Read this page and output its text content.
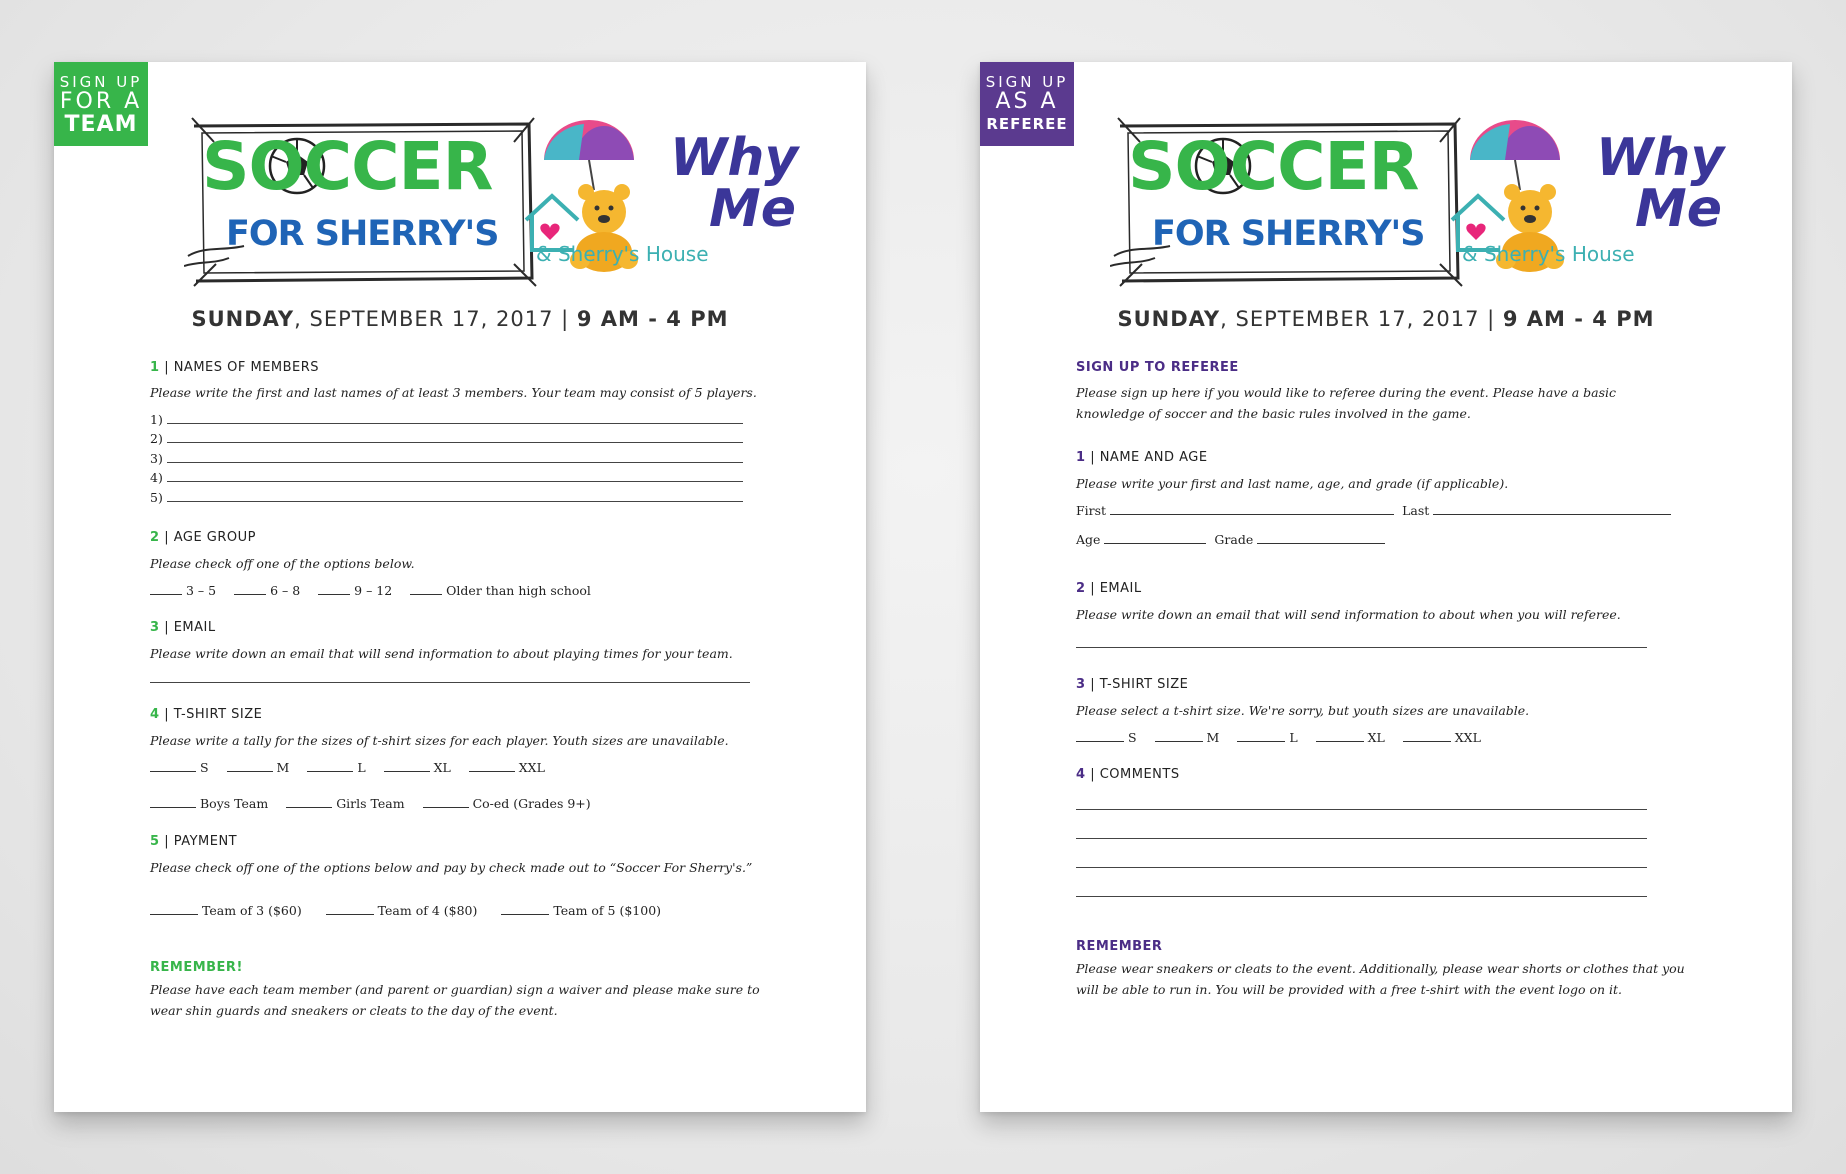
SIGN UP
FOR A
TEAM
SOCCER
FOR SHERRY'S
Why
Me
& Sherry's House
SUNDAY, SEPTEMBER 17, 2017 | 9 AM - 4 PM

1 | NAMES OF MEMBERS

Please write the first and last names of at least 3 members. Your team may consist of 5 players.

1)
2)
3)
4)
5)

2 | AGE GROUP

Please check off one of the options below.

3 – 5	6 – 8	9 – 12	Older than high school

3 | EMAIL

Please write down an email that will send information to about playing times for your team.

4 | T-SHIRT SIZE

Please write a tally for the sizes of t-shirt sizes for each player. Youth sizes are unavailable.

S	M	L	XL	XXL
Boys Team	Girls Team	Co-ed (Grades 9+)

5 | PAYMENT

Please check off one of the options below and pay by check made out to “Soccer For Sherry's.”

Team of 3 ($60)	Team of 4 ($80)	Team of 5 ($100)

REMEMBER!

Please have each team member (and parent or guardian) sign a waiver and please make sure to wear shin guards and sneakers or cleats to the day of the event.

SIGN UP
AS A
REFEREE
SOCCER
FOR SHERRY'S
Why
Me
& Sherry's House
SUNDAY, SEPTEMBER 17, 2017 | 9 AM - 4 PM

SIGN UP TO REFEREE

Please sign up here if you would like to referee during the event. Please have a basic knowledge of soccer and the basic rules involved in the game.

1 | NAME AND AGE

Please write your first and last name, age, and grade (if applicable).

First	Last
Age	Grade

2 | EMAIL

Please write down an email that will send information to about when you will referee.

3 | T-SHIRT SIZE

Please select a t-shirt size. We're sorry, but youth sizes are unavailable.

S	M	L	XL	XXL

4 | COMMENTS

REMEMBER

Please wear sneakers or cleats to the event. Additionally, please wear shorts or clothes that you will be able to run in. You will be provided with a free t-shirt with the event logo on it.
